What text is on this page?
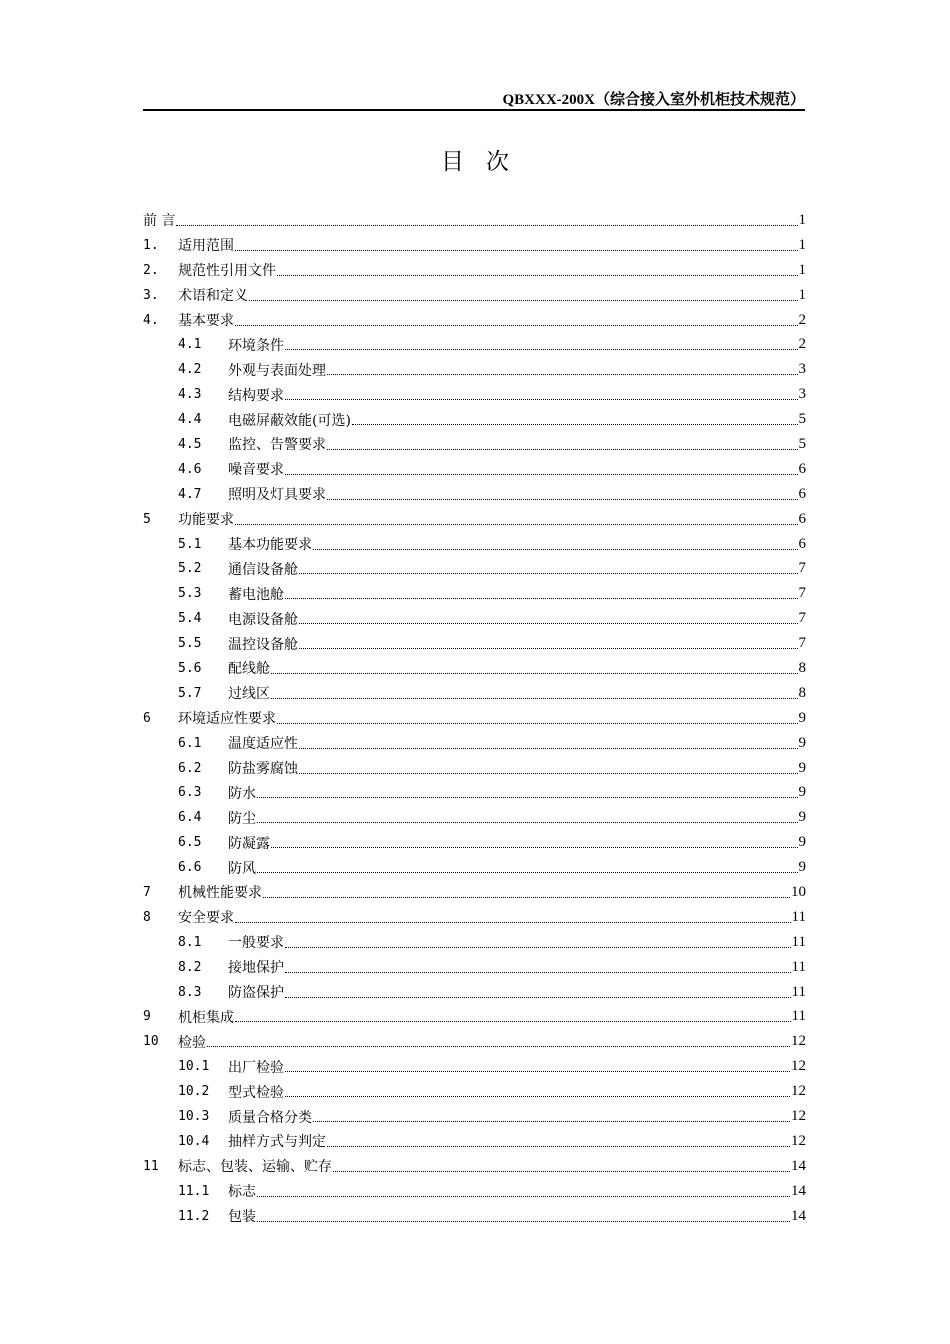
QBXXX-200X（综合接入室外机柜技术规范）
目次
前 言	1
1.	适用范围	1
2.	规范性引用文件	1
3.	术语和定义	1
4.	基本要求	2
4.1	环境条件	2
4.2	外观与表面处理	3
4.3	结构要求	3
4.4	电磁屏蔽效能(可选)	5
4.5	监控、告警要求	5
4.6	噪音要求	6
4.7	照明及灯具要求	6
5	功能要求	6
5.1	基本功能要求	6
5.2	通信设备舱	7
5.3	蓄电池舱	7
5.4	电源设备舱	7
5.5	温控设备舱	7
5.6	配线舱	8
5.7	过线区	8
6	环境适应性要求	9
6.1	温度适应性	9
6.2	防盐雾腐蚀	9
6.3	防水	9
6.4	防尘	9
6.5	防凝露	9
6.6	防风	9
7	机械性能要求	10
8	安全要求	11
8.1	一般要求	11
8.2	接地保护	11
8.3	防盗保护	11
9	机柜集成	11
10	检验	12
10.1	出厂检验	12
10.2	型式检验	12
10.3	质量合格分类	12
10.4	抽样方式与判定	12
11	标志、包装、运输、贮存	14
11.1	标志	14
11.2	包装	14
